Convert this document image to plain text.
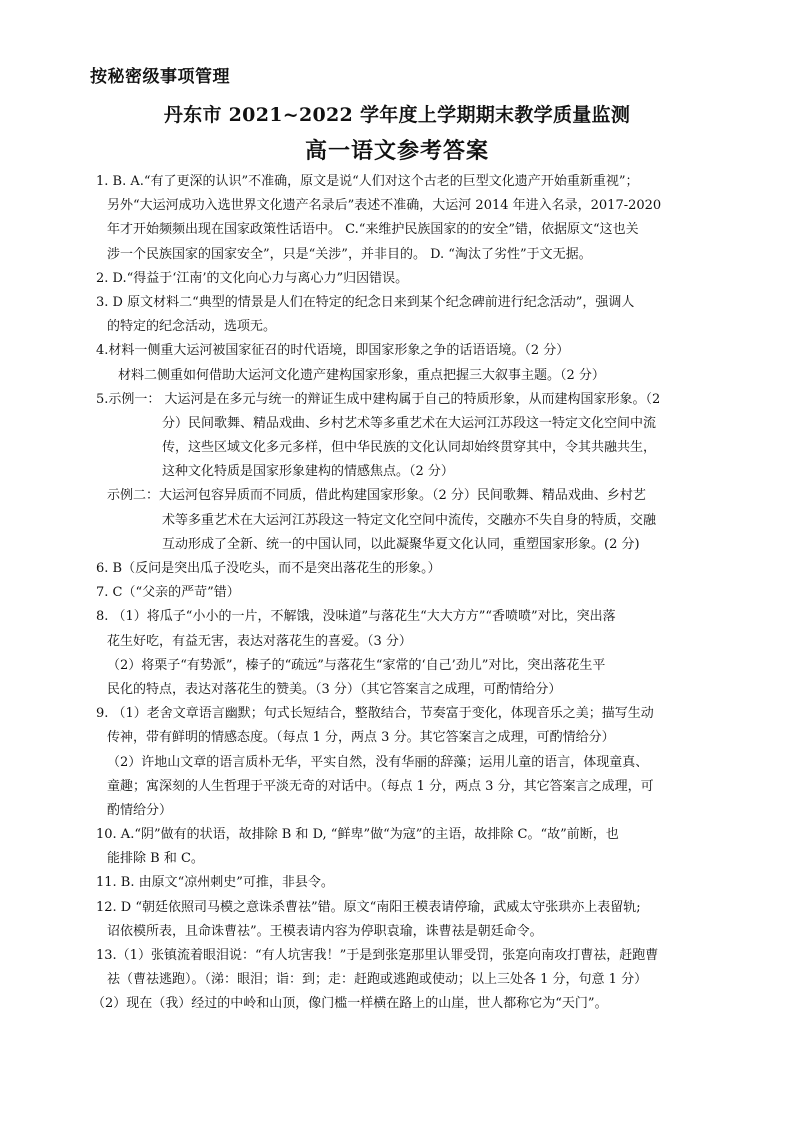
按秘密级事项管理
丹东市 2021~2022 学年度上学期期末教学质量监测
高一语文参考答案
1. B. A.“有了更深的认识”不准确，原文是说“人们对这个古老的巨型文化遗产开始重新重视”；
另外“大运河成功入选世界文化遗产名录后”表述不准确，大运河 2014 年进入名录，2017-2020
年才开始频频出现在国家政策性话语中。 C.“来维护民族国家的的安全”错，依据原文“这也关
涉一个民族国家的国家安全”，只是“关涉”，并非目的。 D. “淘汰了劣性”于文无据。
2. D.“得益于‘江南’的文化向心力与离心力”归因错误。
3. D 原文材料二“典型的情景是人们在特定的纪念日来到某个纪念碑前进行纪念活动”，强调人
的特定的纪念活动，选项无。
4.材料一侧重大运河被国家征召的时代语境，即国家形象之争的话语语境。（2 分）
材料二侧重如何借助大运河文化遗产建构国家形象，重点把握三大叙事主题。（2 分）
5.示例一： 大运河是在多元与统一的辩证生成中建构属于自己的特质形象，从而建构国家形象。（2
分）民间歌舞、精品戏曲、乡村艺术等多重艺术在大运河江苏段这一特定文化空间中流
传，这些区域文化多元多样，但中华民族的文化认同却始终贯穿其中，令其共融共生，
这种文化特质是国家形象建构的情感焦点。（2 分）
示例二：大运河包容异质而不同质，借此构建国家形象。（2 分）民间歌舞、精品戏曲、乡村艺
术等多重艺术在大运河江苏段这一特定文化空间中流传，交融亦不失自身的特质，交融
互动形成了全新、统一的中国认同，以此凝聚华夏文化认同，重塑国家形象。(2 分)
6. B（反问是突出瓜子没吃头，而不是突出落花生的形象。）
7. C（“父亲的严苛”错）
8. （1）将瓜子“小小的一片，不解饿，没味道”与落花生“大大方方”“香喷喷”对比，突出落
花生好吃，有益无害，表达对落花生的喜爱。（3 分）
（2）将栗子“有势派”，榛子的“疏远”与落花生“家常的‘自己’劲儿”对比，突出落花生平
民化的特点，表达对落花生的赞美。（3 分）（其它答案言之成理，可酌情给分）
9. （1）老舍文章语言幽默；句式长短结合，整散结合，节奏富于变化，体现音乐之美；描写生动
传神，带有鲜明的情感态度。（每点 1 分，两点 3 分。其它答案言之成理，可酌情给分）
（2）许地山文章的语言质朴无华，平实自然，没有华丽的辞藻；运用儿童的语言，体现童真、
童趣；寓深刻的人生哲理于平淡无奇的对话中。（每点 1 分，两点 3 分，其它答案言之成理，可
酌情给分）
10. A.“阴”做有的状语，故排除 B 和 D, “鲜卑”做“为寇”的主语，故排除 C。“故”前断，也
能排除 B 和 C。
11. B. 由原文“凉州刺史”可推，非县令。
12. D “朝廷依照司马模之意诛杀曹祛”错。原文“南阳王模表请停瑜，武威太守张珙亦上表留轨;
诏依模所表，且命诛曹祛”。王模表请内容为停职袁瑜，诛曹祛是朝廷命令。
13.（1）张镇流着眼泪说：“有人坑害我！”于是到张寔那里认罪受罚，张寔向南攻打曹祛，赶跑曹
祛（曹祛逃跑）。（涕：眼泪；诣：到；走：赶跑或逃跑或使动；以上三处各 1 分，句意 1 分）
（2）现在（我）经过的中岭和山顶，像门槛一样横在路上的山崖，世人都称它为“天门”。
